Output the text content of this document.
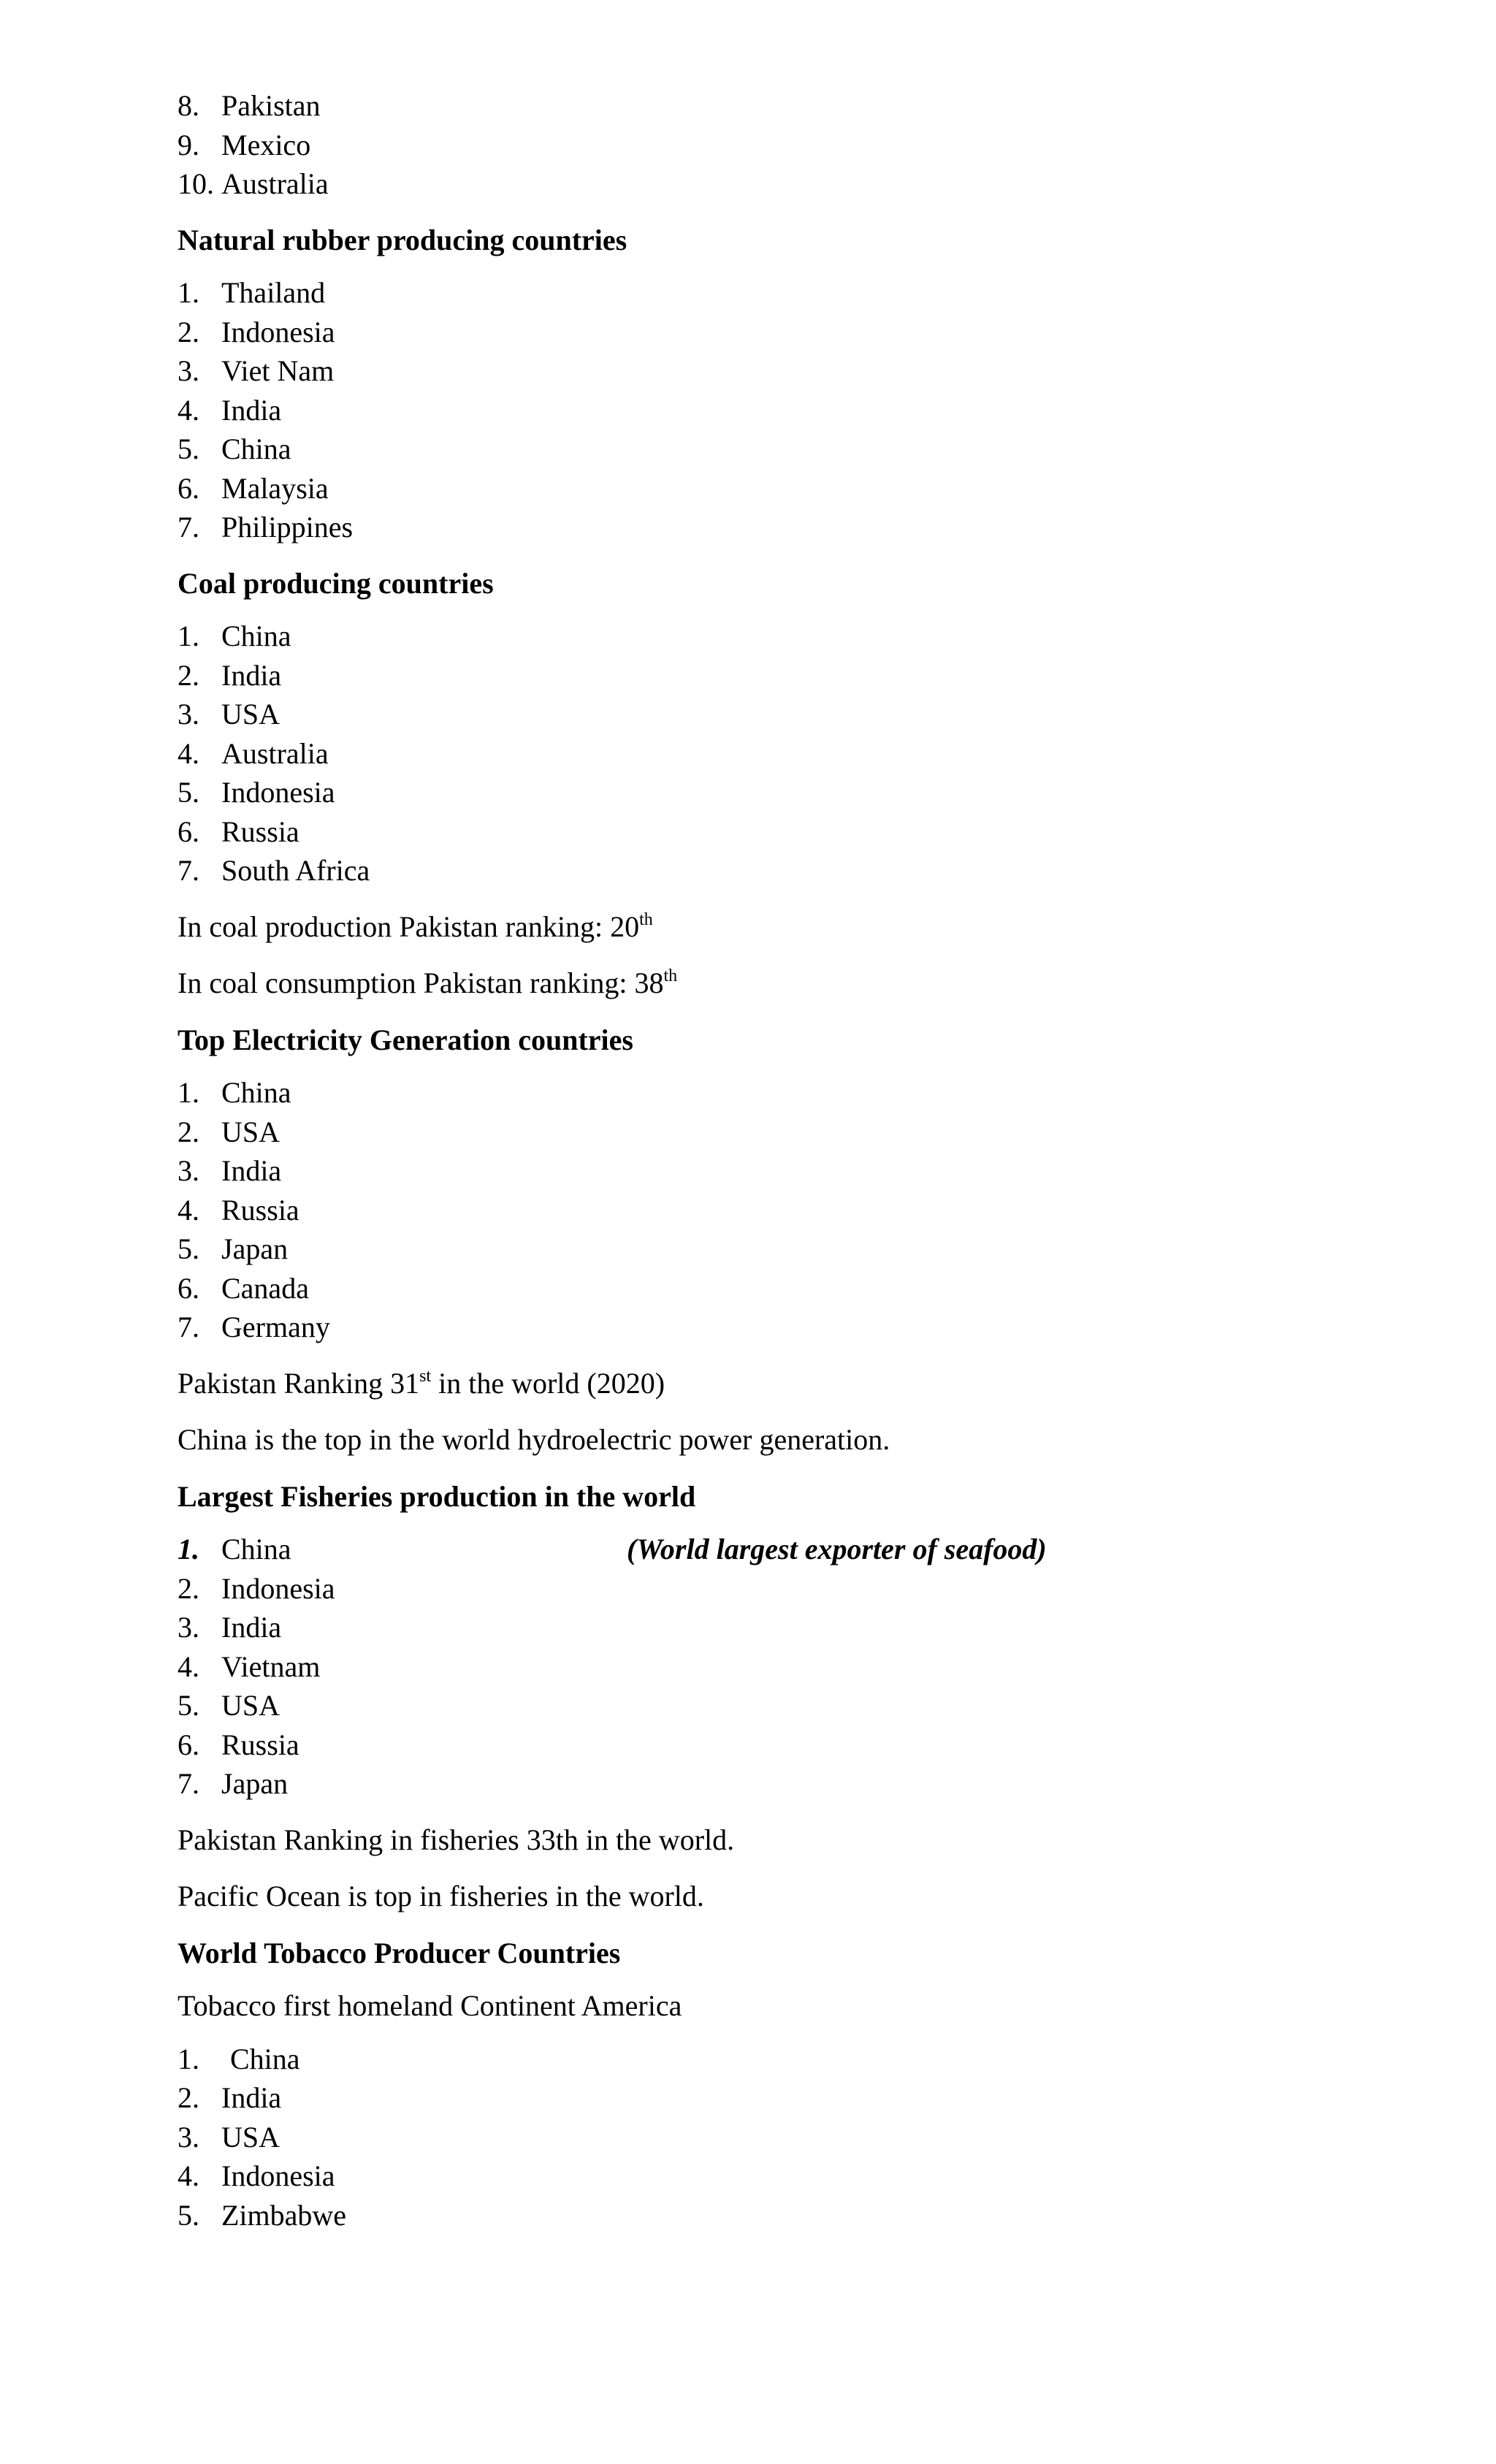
8. Pakistan
9. Mexico
10. Australia
Natural rubber producing countries
1. Thailand
2. Indonesia
3. Viet Nam
4. India
5. China
6. Malaysia
7. Philippines
Coal producing countries
1. China
2. India
3. USA
4. Australia
5. Indonesia
6. Russia
7. South Africa

In coal production Pakistan ranking: 20th

In coal consumption Pakistan ranking: 38th

Top Electricity Generation countries
1. China
2. USA
3. India
4. Russia
5. Japan
6. Canada
7. Germany

Pakistan Ranking 31st in the world (2020)

China is the top in the world hydroelectric power generation.

Largest Fisheries production in the world
1. China	(World largest exporter of seafood)
2. Indonesia
3. India
4. Vietnam
5. USA
6. Russia
7. Japan

Pakistan Ranking in fisheries 33th in the world.

Pacific Ocean is top in fisheries in the world.

World Tobacco Producer Countries

Tobacco first homeland Continent America

1.	China
2. India
3. USA
4. Indonesia
5. Zimbabwe
